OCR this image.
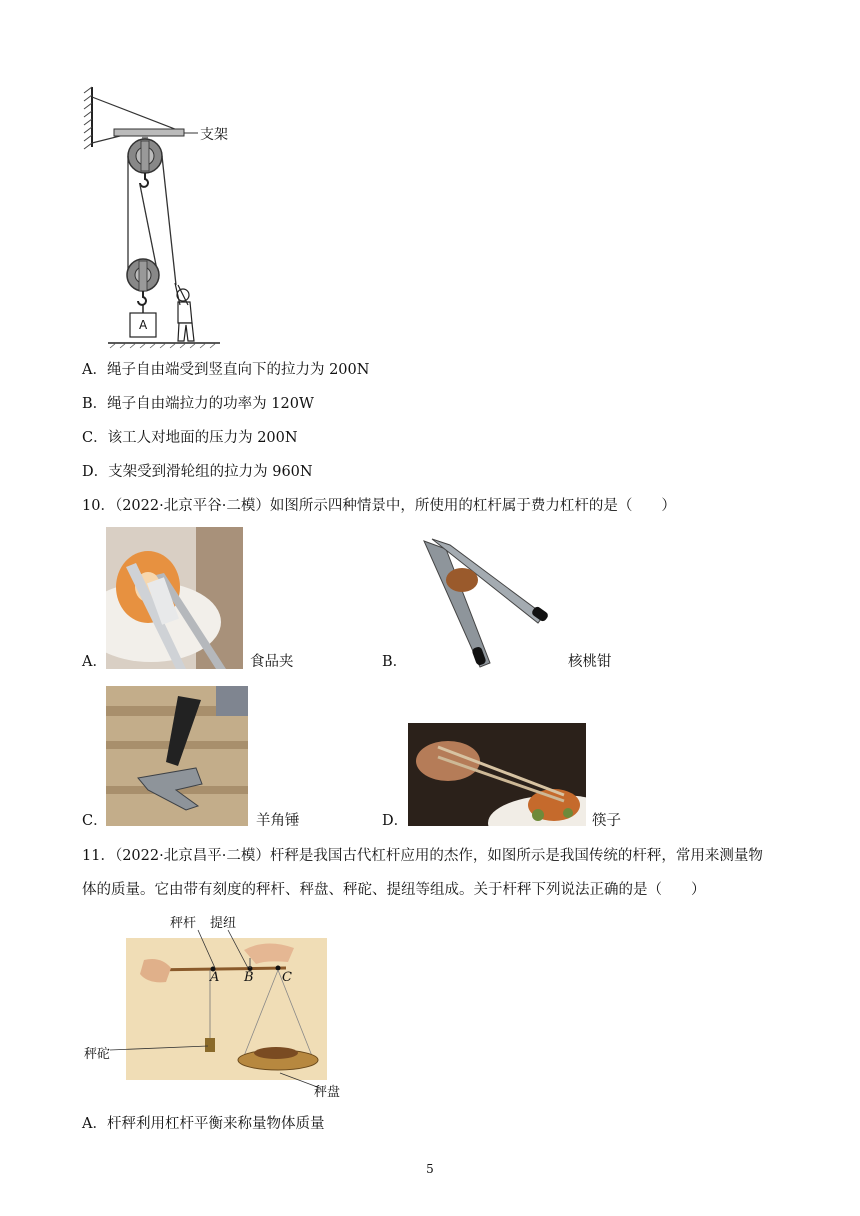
支架
A
A．绳子自由端受到竖直向下的拉力为 200N
B．绳子自由端拉力的功率为 120W
C．该工人对地面的压力为 200N
D．支架受到滑轮组的拉力为 960N
10．（2022·北京平谷·二模）如图所示四种情景中，所使用的杠杆属于费力杠杆的是（　　）
A．	食品夹	B．	核桃钳
C．	羊角锤	D．	筷子
11．（2022·北京昌平·二模）杆秤是我国古代杠杆应用的杰作，如图所示是我国传统的杆秤，常用来测量物
体的质量。它由带有刻度的秤杆、秤盘、秤砣、提纽等组成。关于杆秤下列说法正确的是（　　）
秤杆 提纽
A B C
秤砣
秤盘
A．杆秤利用杠杆平衡来称量物体质量
5
